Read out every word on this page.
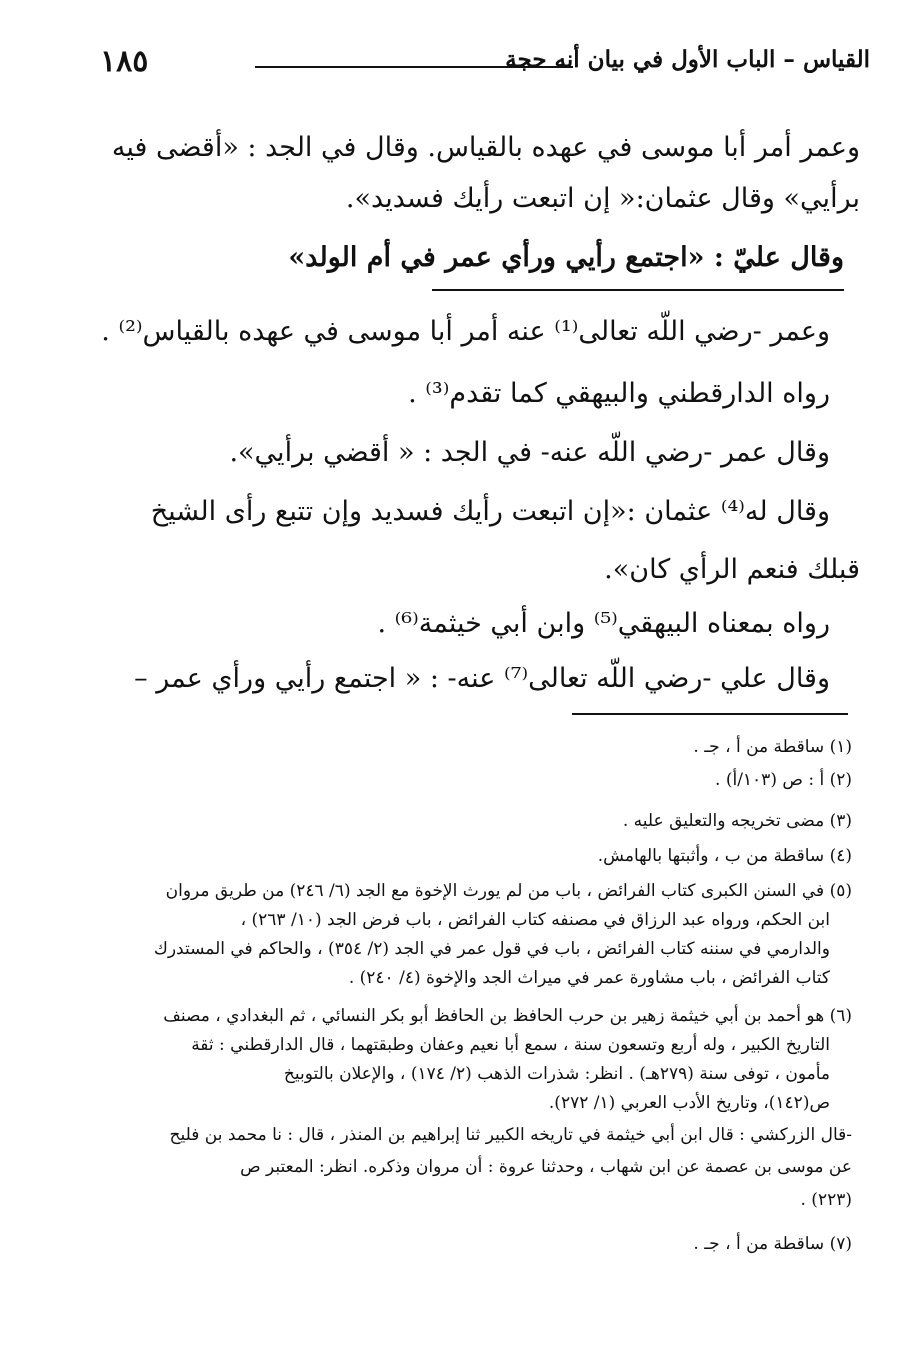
١٨٥	القياس – الباب الأول في بيان أنه حجة
وعمر أمر أبا موسى في عهده بالقياس. وقال في الجد : «أقضى فيه
برأيي» وقال عثمان:« إن اتبعت رأيك فسديد».
وقال عليّ : «اجتمع رأيي ورأي عمر في أم الولد»
وعمر -رضي اللّه تعالى⁽¹⁾ عنه أمر أبا موسى في عهده بالقياس⁽²⁾ .
رواه الدارقطني والبيهقي كما تقدم⁽³⁾ .
وقال عمر -رضي اللّه عنه- في الجد : « أقضي برأيي».
وقال له⁽⁴⁾ عثمان :«إن اتبعت رأيك فسديد وإن تتبع رأى الشيخ
قبلك فنعم الرأي كان».
رواه بمعناه البيهقي⁽⁵⁾ وابن أبي خيثمة⁽⁶⁾ .
وقال علي -رضي اللّه تعالى⁽⁷⁾ عنه- : « اجتمع رأيي ورأي عمر –
(١) ساقطة من أ ، جـ .
(٢) أ : ص (١٠٣/أ) .
(٣) مضى تخريجه والتعليق عليه .
(٤) ساقطة من ب ، وأثبتها بالهامش.
(٥) في السنن الكبرى كتاب الفرائض ، باب من لم يورث الإخوة مع الجد (٦/ ٢٤٦) من طريق مروان
ابن الحكم، ورواه عبد الرزاق في مصنفه كتاب الفرائض ، باب فرض الجد (١٠/ ٢٦٣) ،
والدارمي في سننه كتاب الفرائض ، باب في قول عمر في الجد (٢/ ٣٥٤) ، والحاكم في المستدرك
كتاب الفرائض ، باب مشاورة عمر في ميراث الجد والإخوة (٤/ ٢٤٠) .
(٦) هو أحمد بن أبي خيثمة زهير بن حرب الحافظ بن الحافظ أبو بكر النسائي ، ثم البغدادي ، مصنف
التاريخ الكبير ، وله أربع وتسعون سنة ، سمع أبا نعيم وعفان وطبقتهما ، قال الدارقطني : ثقة
مأمون ، توفى سنة (٢٧٩هـ) . انظر: شذرات الذهب (٢/ ١٧٤) ، والإعلان بالتوبيخ
ص(١٤٢)، وتاريخ الأدب العربي (١/ ٢٧٢).
-قال الزركشي : قال ابن أبي خيثمة في تاريخه الكبير ثنا إبراهيم بن المنذر ، قال : نا محمد بن فليح
عن موسى بن عصمة عن ابن شهاب ، وحدثنا عروة : أن مروان وذكره. انظر: المعتبر ص
(٢٢٣) .
(٧) ساقطة من أ ، جـ .
